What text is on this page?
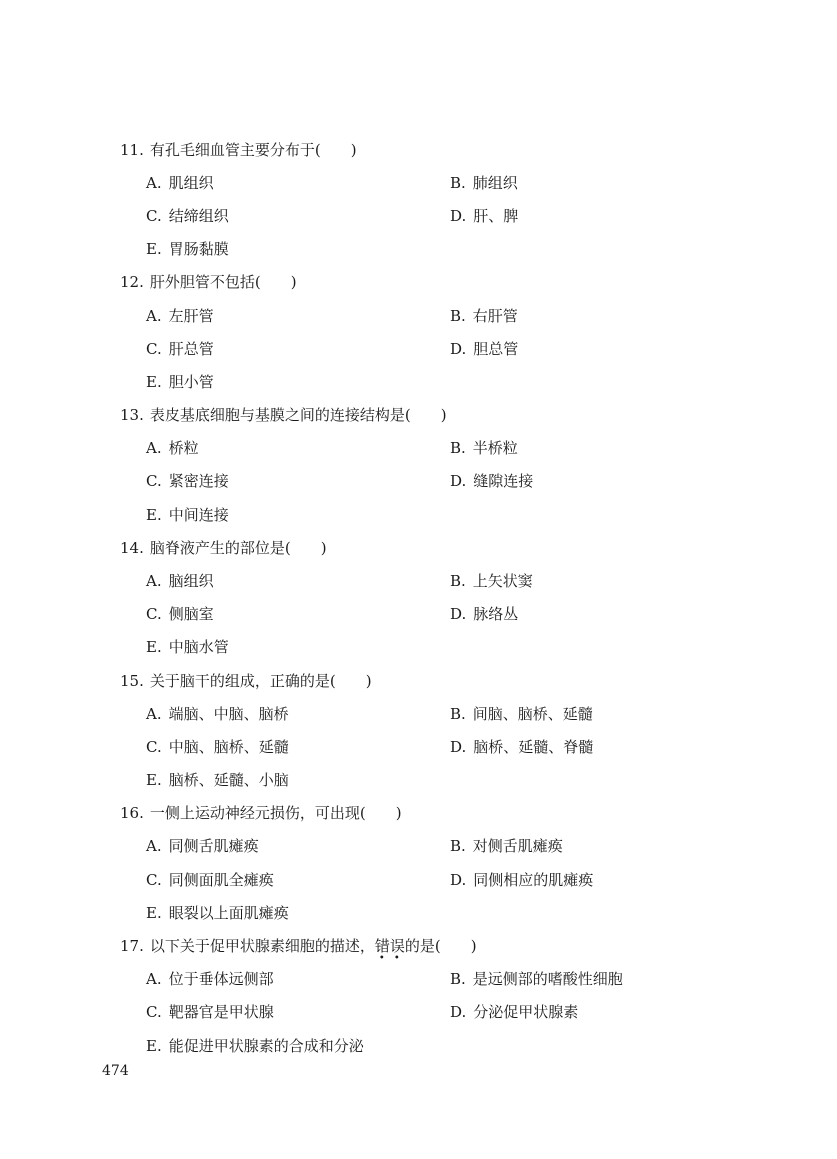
11. 有孔毛细血管主要分布于(　　)
A. 肌组织	B. 肺组织
C. 结缔组织	D. 肝、脾
E. 胃肠黏膜
12. 肝外胆管不包括(　　)
A. 左肝管	B. 右肝管
C. 肝总管	D. 胆总管
E. 胆小管
13. 表皮基底细胞与基膜之间的连接结构是(　　)
A. 桥粒	B. 半桥粒
C. 紧密连接	D. 缝隙连接
E. 中间连接
14. 脑脊液产生的部位是(　　)
A. 脑组织	B. 上矢状窦
C. 侧脑室	D. 脉络丛
E. 中脑水管
15. 关于脑干的组成，正确的是(　　)
A. 端脑、中脑、脑桥	B. 间脑、脑桥、延髓
C. 中脑、脑桥、延髓	D. 脑桥、延髓、脊髓
E. 脑桥、延髓、小脑
16. 一侧上运动神经元损伤，可出现(　　)
A. 同侧舌肌瘫痪	B. 对侧舌肌瘫痪
C. 同侧面肌全瘫痪	D. 同侧相应的肌瘫痪
E. 眼裂以上面肌瘫痪
17. 以下关于促甲状腺素细胞的描述，错误
• •
的是(　　)
A. 位于垂体远侧部	B. 是远侧部的嗜酸性细胞
C. 靶器官是甲状腺	D. 分泌促甲状腺素
E. 能促进甲状腺素的合成和分泌
474
